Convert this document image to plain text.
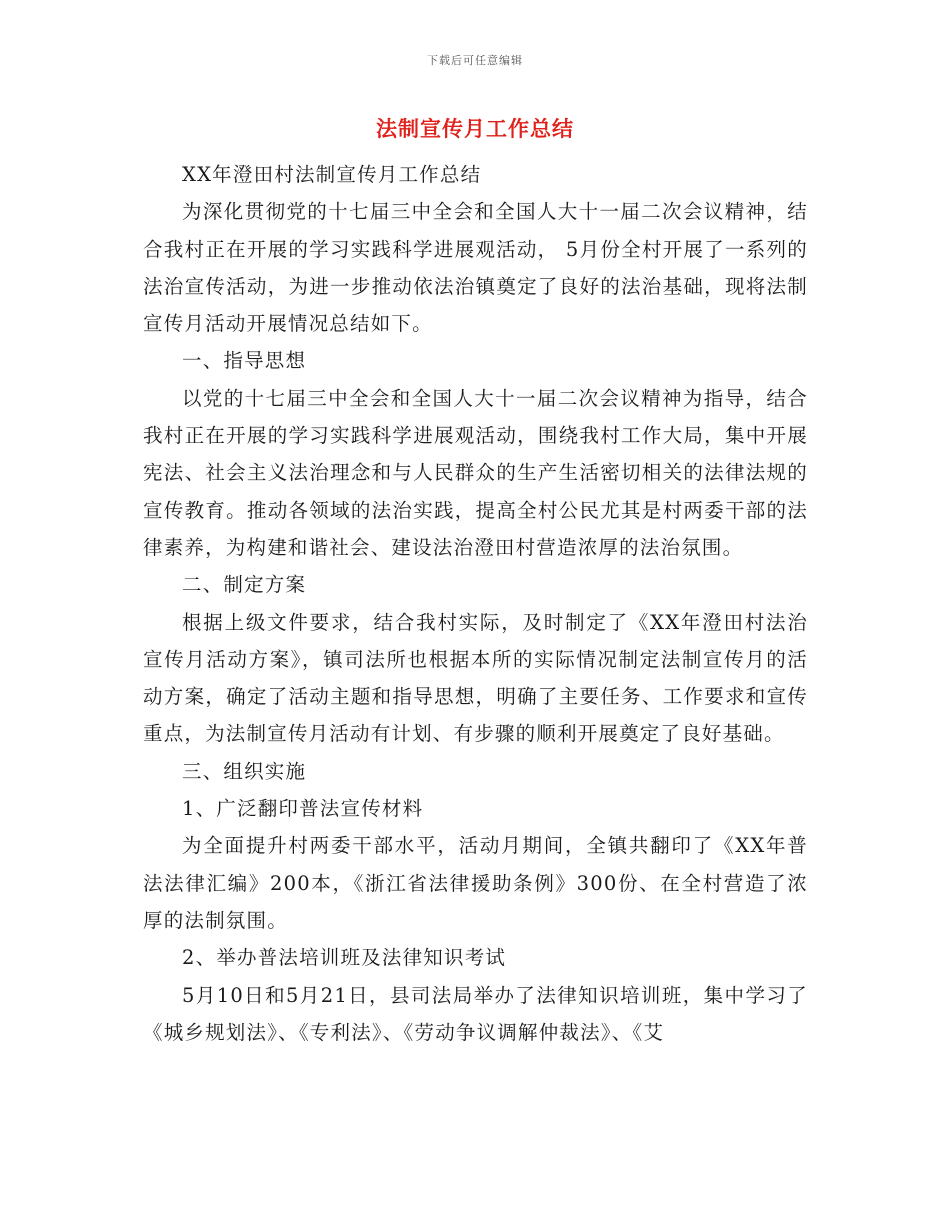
下载后可任意编辑
法制宣传月工作总结

XX年澄田村法制宣传月工作总结

为深化贯彻党的十七届三中全会和全国人大十一届二次会议精神，结合我村正在开展的学习实践科学进展观活动， 5月份全村开展了一系列的法治宣传活动，为进一步推动依法治镇奠定了良好的法治基础，现将法制宣传月活动开展情况总结如下。

一、指导思想

以党的十七届三中全会和全国人大十一届二次会议精神为指导，结合我村正在开展的学习实践科学进展观活动，围绕我村工作大局，集中开展宪法、社会主义法治理念和与人民群众的生产生活密切相关的法律法规的宣传教育。推动各领域的法治实践，提高全村公民尤其是村两委干部的法律素养，为构建和谐社会、建设法治澄田村营造浓厚的法治氛围。

二、制定方案

根据上级文件要求，结合我村实际，及时制定了《XX年澄田村法治宣传月活动方案》，镇司法所也根据本所的实际情况制定法制宣传月的活动方案，确定了活动主题和指导思想，明确了主要任务、工作要求和宣传重点，为法制宣传月活动有计划、有步骤的顺利开展奠定了良好基础。

三、组织实施

1、广泛翻印普法宣传材料

为全面提升村两委干部水平，活动月期间，全镇共翻印了《XX年普法法律汇编》200本，《浙江省法律援助条例》300份、在全村营造了浓厚的法制氛围。

2、举办普法培训班及法律知识考试

5月10日和5月21日，县司法局举办了法律知识培训班，集中学习了《城乡规划法》、《专利法》、《劳动争议调解仲裁法》、《艾
